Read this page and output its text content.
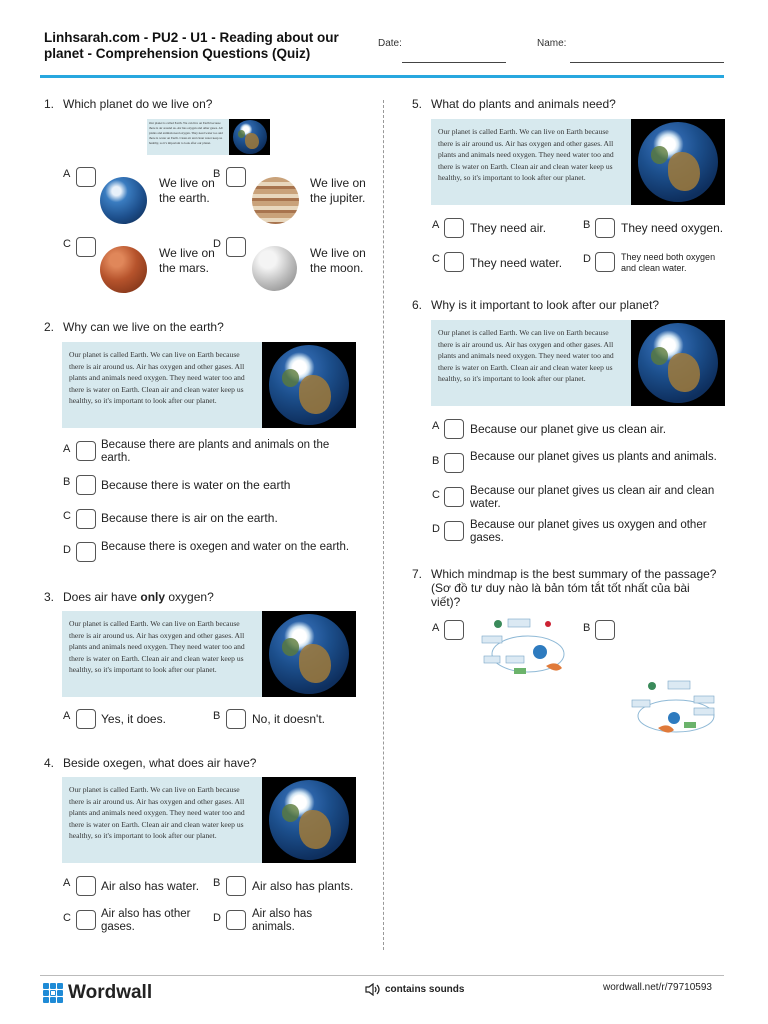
Linhsarah.com - PU2 - U1 - Reading about our planet - Comprehension Questions (Quiz)
Date:	Name:
1. Which planet do we live on?
Our planet is called Earth. We can live on Earth because there is air around us. Air has oxygen and other gases. All plants and animals need oxygen. They need water too and there is water on Earth. Clean air and clean water keep us healthy, so it's important to look after our planet.
A
We live on the earth.
B
We live on the jupiter.
C
We live on the mars.
D
We live on the moon.
2. Why can we live on the earth?
Our planet is called Earth. We can live on Earth because there is air around us. Air has oxygen and other gases. All plants and animals need oxygen. They need water too and there is water on Earth. Clean air and clean water keep us healthy, so it's important to look after our planet.
A	Because there are plants and animals on the earth.
B	Because there is water on the earth
C	Because there is air on the earth.
D	Because there is oxegen and water on the earth.
3. Does air have only oxygen?
Our planet is called Earth. We can live on Earth because there is air around us. Air has oxygen and other gases. All plants and animals need oxygen. They need water too and there is water on Earth. Clean air and clean water keep us healthy, so it's important to look after our planet.
A	Yes, it does.	B	No, it doesn't.
4. Beside oxegen, what does air have?
Our planet is called Earth. We can live on Earth because there is air around us. Air has oxygen and other gases. All plants and animals need oxygen. They need water too and there is water on Earth. Clean air and clean water keep us healthy, so it's important to look after our planet.
A	Air also has water. B	Air also has plants.
C	Air also has other gases.
D	Air also has animals.
5. What do plants and animals need?
Our planet is called Earth. We can live on Earth because there is air around us. Air has oxygen and other gases. All plants and animals need oxygen. They need water too and there is water on Earth. Clean air and clean water keep us healthy, so it's important to look after our planet.
A	They need air.	B	They need oxygen.
C	They need water. D	They need both oxygen and clean water.
6. Why is it important to look after our planet?
Our planet is called Earth. We can live on Earth because there is air around us. Air has oxygen and other gases. All plants and animals need oxygen. They need water too and there is water on Earth. Clean air and clean water keep us healthy, so it's important to look after our planet.
A	Because our planet give us clean air.
B	Because our planet gives us plants and animals.
C	Because our planet gives us clean air and clean water.
D	Because our planet gives us oxygen and other gases.
7. Which mindmap is the best summary of the passage? (Sơ đồ tư duy nào là bản tóm tắt tốt nhất của bài viết)?
A	B
Wordwall	contains sounds	wordwall.net/r/79710593
